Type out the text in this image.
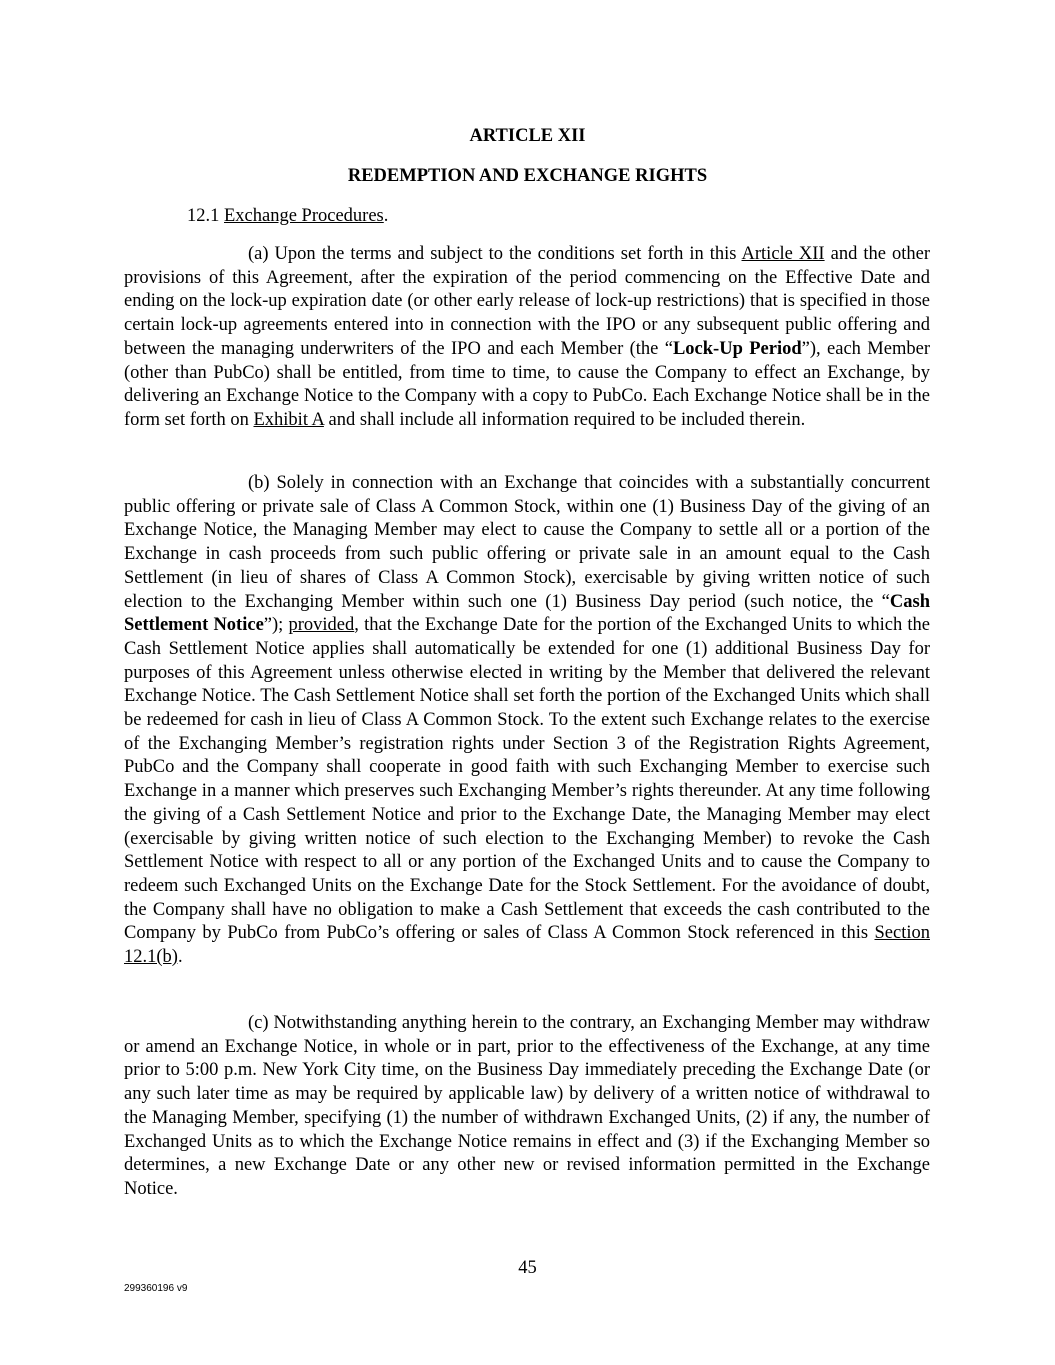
ARTICLE XII
REDEMPTION AND EXCHANGE RIGHTS
12.1 Exchange Procedures.

(a) Upon the terms and subject to the conditions set forth in this Article XII and the other provisions of this Agreement, after the expiration of the period commencing on the Effective Date and ending on the lock-up expiration date (or other early release of lock-up restrictions) that is specified in those certain lock-up agreements entered into in connection with the IPO or any subsequent public offering and between the managing underwriters of the IPO and each Member (the “Lock-Up Period”), each Member (other than PubCo) shall be entitled, from time to time, to cause the Company to effect an Exchange, by delivering an Exchange Notice to the Company with a copy to PubCo. Each Exchange Notice shall be in the form set forth on Exhibit A and shall include all information required to be included therein.

(b) Solely in connection with an Exchange that coincides with a substantially concurrent public offering or private sale of Class A Common Stock, within one (1) Business Day of the giving of an Exchange Notice, the Managing Member may elect to cause the Company to settle all or a portion of the Exchange in cash proceeds from such public offering or private sale in an amount equal to the Cash Settlement (in lieu of shares of Class A Common Stock), exercisable by giving written notice of such election to the Exchanging Member within such one (1) Business Day period (such notice, the “Cash Settlement Notice”); provided, that the Exchange Date for the portion of the Exchanged Units to which the Cash Settlement Notice applies shall automatically be extended for one (1) additional Business Day for purposes of this Agreement unless otherwise elected in writing by the Member that delivered the relevant Exchange Notice. The Cash Settlement Notice shall set forth the portion of the Exchanged Units which shall be redeemed for cash in lieu of Class A Common Stock. To the extent such Exchange relates to the exercise of the Exchanging Member’s registration rights under Section 3 of the Registration Rights Agreement, PubCo and the Company shall cooperate in good faith with such Exchanging Member to exercise such Exchange in a manner which preserves such Exchanging Member’s rights thereunder. At any time following the giving of a Cash Settlement Notice and prior to the Exchange Date, the Managing Member may elect (exercisable by giving written notice of such election to the Exchanging Member) to revoke the Cash Settlement Notice with respect to all or any portion of the Exchanged Units and to cause the Company to redeem such Exchanged Units on the Exchange Date for the Stock Settlement. For the avoidance of doubt, the Company shall have no obligation to make a Cash Settlement that exceeds the cash contributed to the Company by PubCo from PubCo’s offering or sales of Class A Common Stock referenced in this Section 12.1(b).

(c) Notwithstanding anything herein to the contrary, an Exchanging Member may withdraw or amend an Exchange Notice, in whole or in part, prior to the effectiveness of the Exchange, at any time prior to 5:00 p.m. New York City time, on the Business Day immediately preceding the Exchange Date (or any such later time as may be required by applicable law) by delivery of a written notice of withdrawal to the Managing Member, specifying (1) the number of withdrawn Exchanged Units, (2) if any, the number of Exchanged Units as to which the Exchange Notice remains in effect and (3) if the Exchanging Member so determines, a new Exchange Date or any other new or revised information permitted in the Exchange Notice.

45
299360196 v9
